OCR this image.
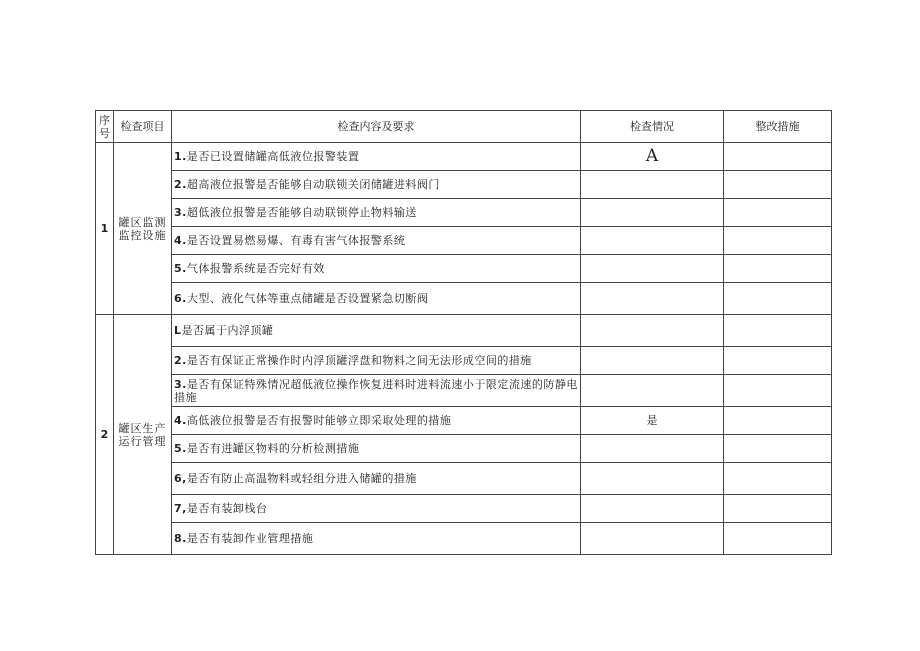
序号	检查项目	检查内容及要求	检查情况	整改措施
1	罐区监测监控设施	1.是否已设置储罐高低液位报警装置	A	
		2.超高液位报警是否能够自动联锁关闭储罐进料阀门		
		3.超低液位报警是否能够自动联锁停止物料输送		
		4.是否设置易燃易爆、有毒有害气体报警系统		
		5.气体报警系统是否完好有效		
		6.大型、液化气体等重点储罐是否设置紧急切断阀		
2	罐区生产运行管理	L是否属于内浮顶罐		
		2.是否有保证正常操作时内浮顶罐浮盘和物料之间无法形成空间的措施		
		3.是否有保证特殊情况超低液位操作恢复进料时进料流速小于限定流速的防静电措施		
		4.高低液位报警是否有报警时能够立即采取处理的措施	是	
		5.是否有进罐区物料的分析检测措施		
		6,是否有防止高温物料或轻组分进入储罐的措施		
		7,是否有装卸栈台		
		8.是否有装卸作业管理措施		
